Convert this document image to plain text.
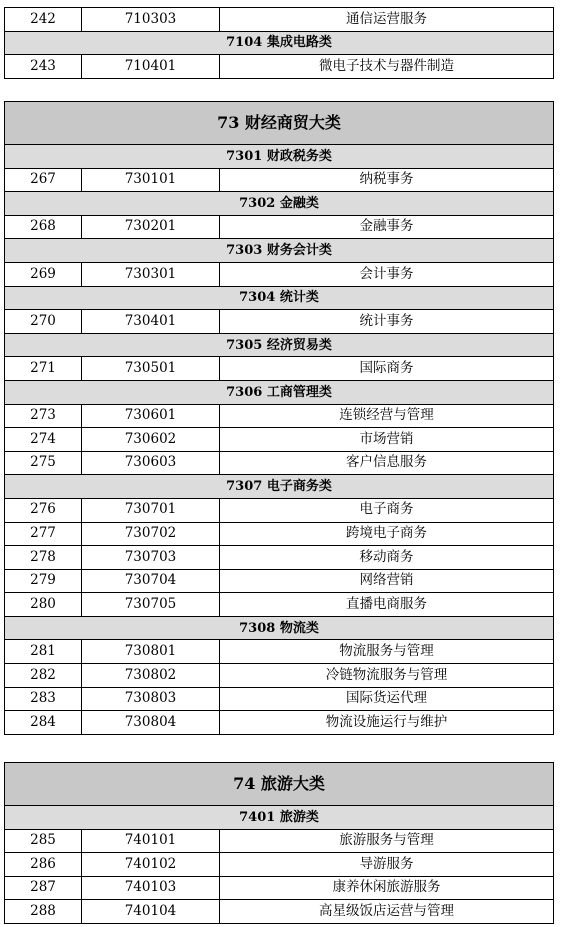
242	710303	通信运营服务
7104 集成电路类		
243	710401	微电子技术与器件制造
73 财经商贸大类		
7301 财政税务类		
267	730101	纳税事务
7302 金融类		
268	730201	金融事务
7303 财务会计类		
269	730301	会计事务
7304 统计类		
270	730401	统计事务
7305 经济贸易类		
271	730501	国际商务
7306 工商管理类		
273	730601	连锁经营与管理
274	730602	市场营销
275	730603	客户信息服务
7307 电子商务类		
276	730701	电子商务
277	730702	跨境电子商务
278	730703	移动商务
279	730704	网络营销
280	730705	直播电商服务
7308 物流类		
281	730801	物流服务与管理
282	730802	冷链物流服务与管理
283	730803	国际货运代理
284	730804	物流设施运行与维护
74 旅游大类		
7401 旅游类		
285	740101	旅游服务与管理
286	740102	导游服务
287	740103	康养休闲旅游服务
288	740104	高星级饭店运营与管理
